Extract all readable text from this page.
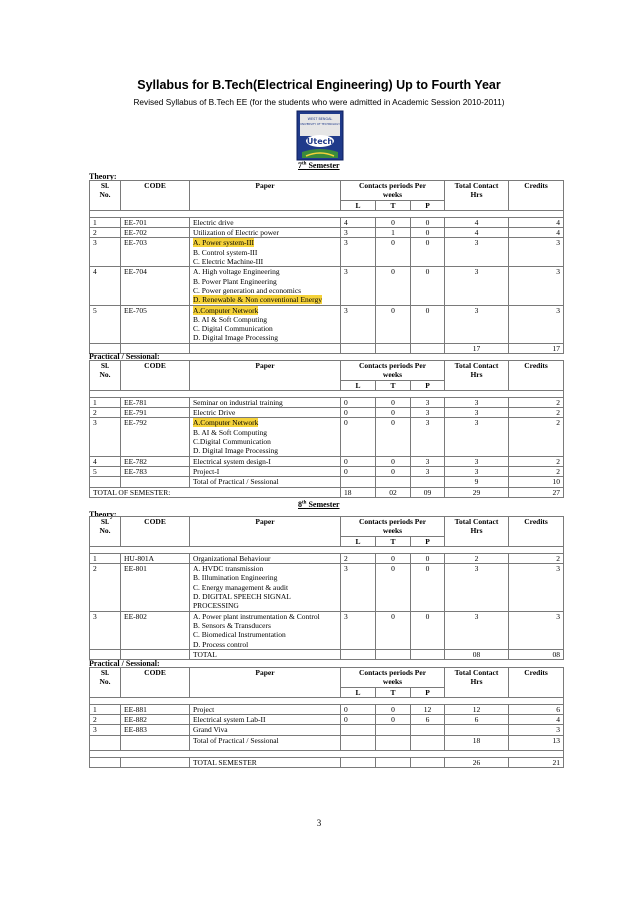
Syllabus for B.Tech(Electrical Engineering) Up to Fourth Year
Revised Syllabus of B.Tech EE (for the students who were admitted in Academic Session 2010-2011)
WEST BENGAL
UNIVERSITY OF TECHNOLOGY
Utech
7th Semester
Theory:
Sl.
No.	CODE	Paper	Contacts periods Per
weeks			Total Contact
Hrs	Credits
			L	T	P		

1	EE-701	Electric drive	4	0	0	4	4
2	EE-702	Utilization of Electric power	3	1	0	4	4
3	EE-703	A. Power system-III
B. Control system-III
C. Electric Machine-III	3	0	0	3	3
4	EE-704	A. High voltage Engineering
B. Power Plant Engineering
C. Power generation and economics
D. Renewable & Non conventional Energy	3	0	0	3	3
5	EE-705	A.Computer Network
B. AI & Soft Computing
C. Digital Communication
D. Digital Image Processing	3	0	0	3	3
						17	17
Practical / Sessional:
Sl.
No.	CODE	Paper	Contacts periods Per
weeks			Total Contact
Hrs	Credits
			L	T	P		

1	EE-781	Seminar on industrial training	0	0	3	3	2
2	EE-791	Electric Drive	0	0	3	3	2
3	EE-792	A.Computer Network
B. AI & Soft Computing
C.Digital Communication
D. Digital Image Processing	0	0	3	3	2
4	EE-782	Electrical system design-I	0	0	3	3	2
5	EE-783	Project-I	0	0	3	3	2
		Total of Practical / Sessional				9	10
TOTAL OF SEMESTER:			18	02	09	29	27
8th Semester
Theory:
Sl.
No.	CODE	Paper	Contacts periods Per
weeks			Total Contact
Hrs	Credits
			L	T	P		

1	HU-801A	Organizational Behaviour	2	0	0	2	2
2	EE-801	A. HVDC transmission
B. Illumination Engineering
C. Energy management & audit
D. DIGITAL SPEECH SIGNAL
PROCESSING	3	0	0	3	3
3	EE-802	A. Power plant instrumentation & Control
B. Sensors & Transducers
C. Biomedical Instrumentation
D. Process control	3	0	0	3	3
		TOTAL				08	08
Practical / Sessional:
Sl.
No.	CODE	Paper	Contacts periods Per
weeks			Total Contact
Hrs	Credits
			L	T	P		

1	EE-881	Project	0	0	12	12	6
2	EE-882	Electrical system Lab-II	0	0	6	6	4
3	EE-883	Grand Viva					3
		Total of Practical / Sessional				18	13

		TOTAL SEMESTER				26	21
3
